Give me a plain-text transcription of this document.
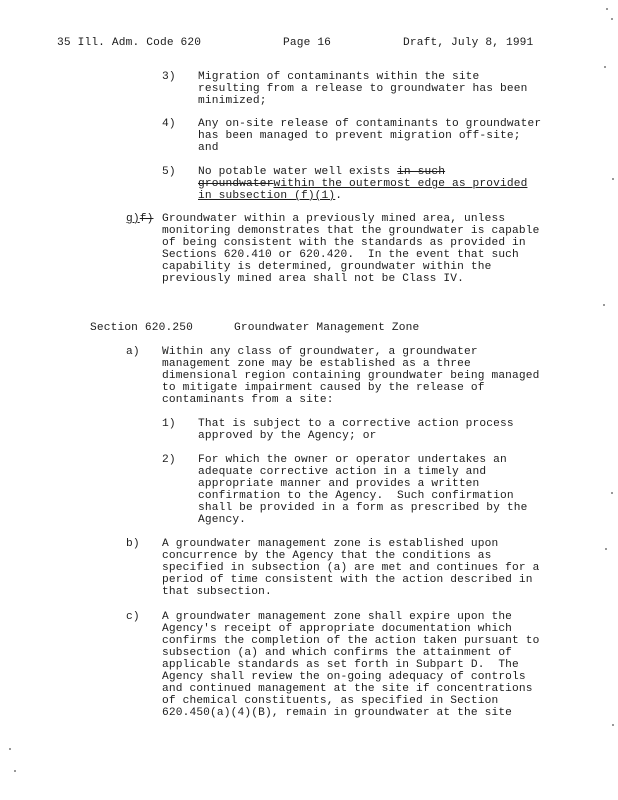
35 Ill. Adm. Code 620	Page 16	Draft, July 8, 1991
3) Migration of contaminants within the site
resulting from a release to groundwater has been
minimized;
4) Any on-site release of contaminants to groundwater
has been managed to prevent migration off-site;
and
5) No potable water well exists in such
groundwaterwithin the outermost edge as provided
in subsection (f)(1).
g)f) Groundwater within a previously mined area, unless
monitoring demonstrates that the groundwater is capable
of being consistent with the standards as provided in
Sections 620.410 or 620.420.  In the event that such
capability is determined, groundwater within the
previously mined area shall not be Class IV.
Section 620.250	Groundwater Management Zone
a) Within any class of groundwater, a groundwater
management zone may be established as a three
dimensional region containing groundwater being managed
to mitigate impairment caused by the release of
contaminants from a site:
1) That is subject to a corrective action process
approved by the Agency; or
2) For which the owner or operator undertakes an
adequate corrective action in a timely and
appropriate manner and provides a written
confirmation to the Agency.  Such confirmation
shall be provided in a form as prescribed by the
Agency.
b) A groundwater management zone is established upon
concurrence by the Agency that the conditions as
specified in subsection (a) are met and continues for a
period of time consistent with the action described in
that subsection.
c) A groundwater management zone shall expire upon the
Agency's receipt of appropriate documentation which
confirms the completion of the action taken pursuant to
subsection (a) and which confirms the attainment of
applicable standards as set forth in Subpart D.  The
Agency shall review the on-going adequacy of controls
and continued management at the site if concentrations
of chemical constituents, as specified in Section
620.450(a)(4)(B), remain in groundwater at the site
